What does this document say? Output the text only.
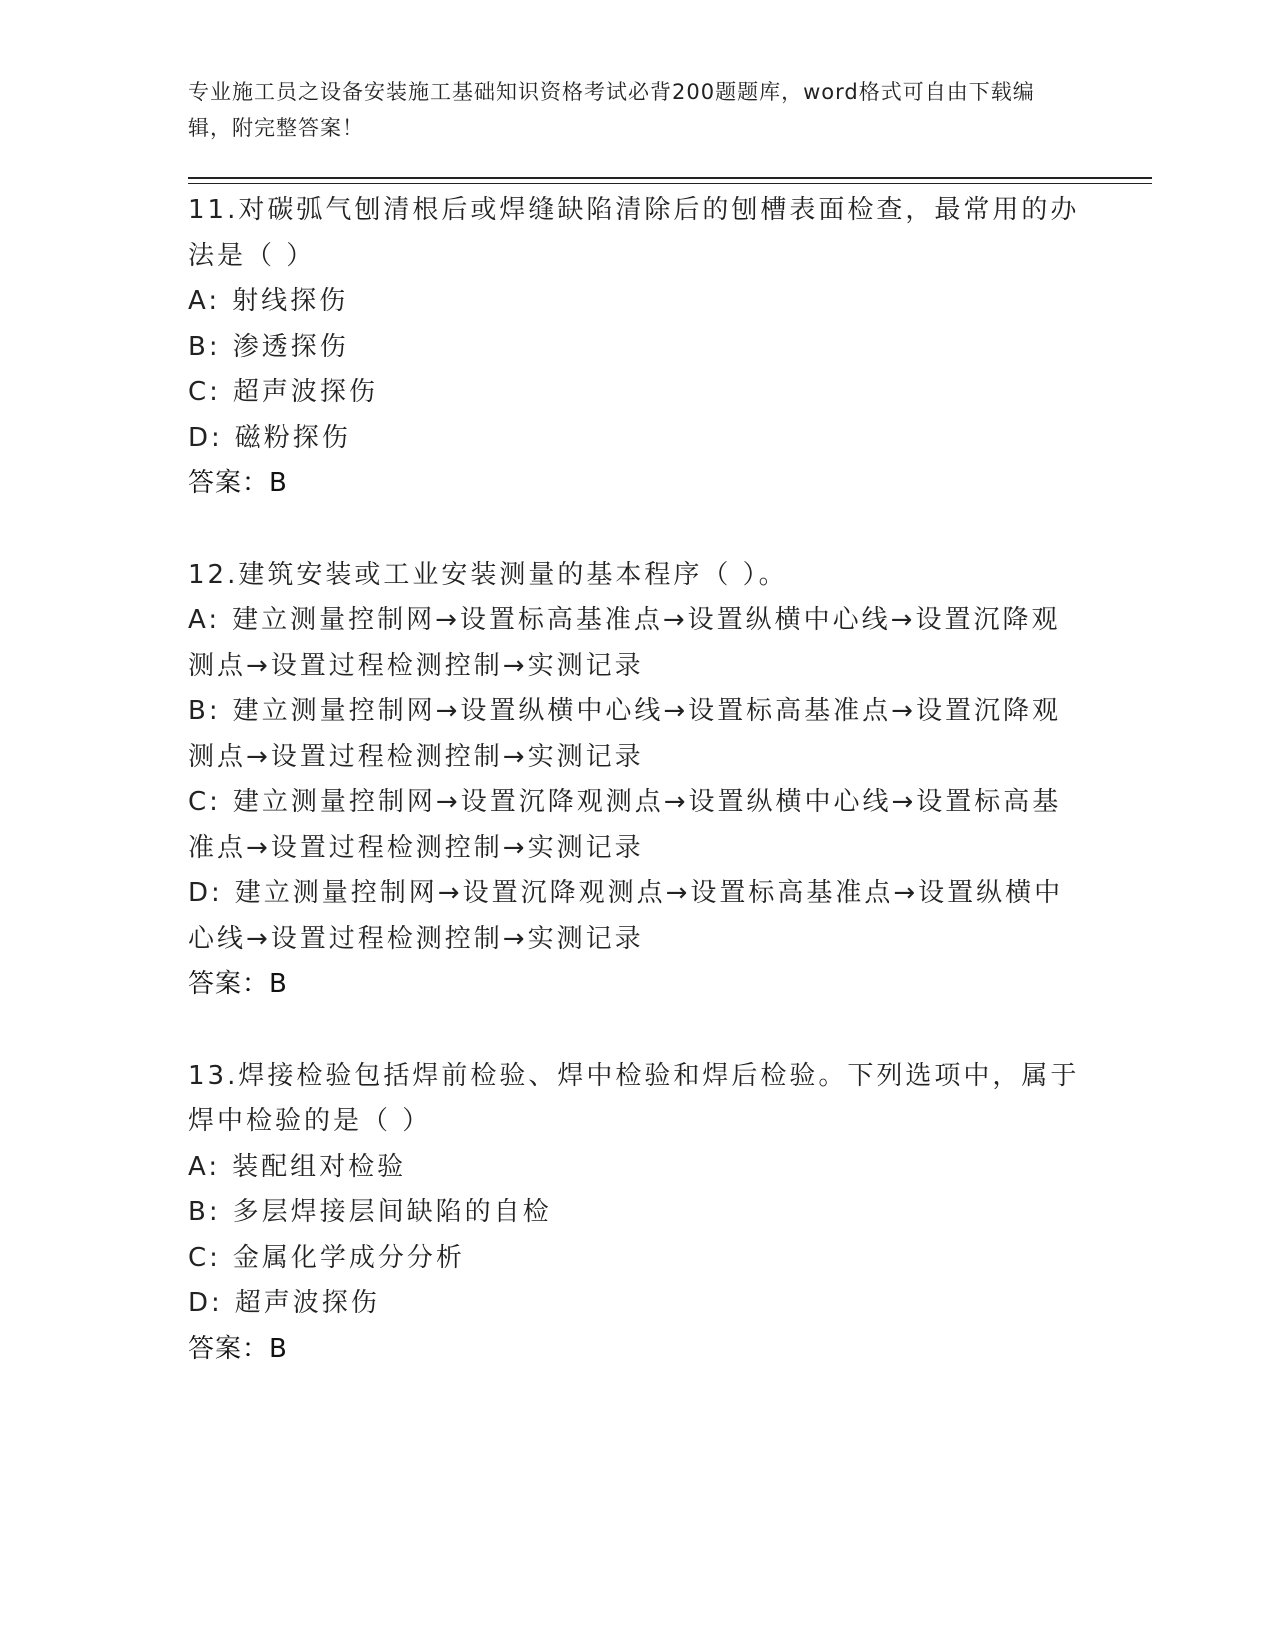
专业施工员之设备安装施工基础知识资格考试必背200题题库，word格式可自由下载编辑，附完整答案！
11.对碳弧气刨清根后或焊缝缺陷清除后的刨槽表面检查，最常用的办法是（ ）
A: 射线探伤
B: 渗透探伤
C: 超声波探伤
D: 磁粉探伤
答案：B
12.建筑安装或工业安装测量的基本程序（ ）。
A: 建立测量控制网→设置标高基准点→设置纵横中心线→设置沉降观测点→设置过程检测控制→实测记录
B: 建立测量控制网→设置纵横中心线→设置标高基准点→设置沉降观测点→设置过程检测控制→实测记录
C: 建立测量控制网→设置沉降观测点→设置纵横中心线→设置标高基准点→设置过程检测控制→实测记录
D: 建立测量控制网→设置沉降观测点→设置标高基准点→设置纵横中心线→设置过程检测控制→实测记录
答案：B
13.焊接检验包括焊前检验、焊中检验和焊后检验。下列选项中，属于焊中检验的是（ ）
A: 装配组对检验
B: 多层焊接层间缺陷的自检
C: 金属化学成分分析
D: 超声波探伤
答案：B
